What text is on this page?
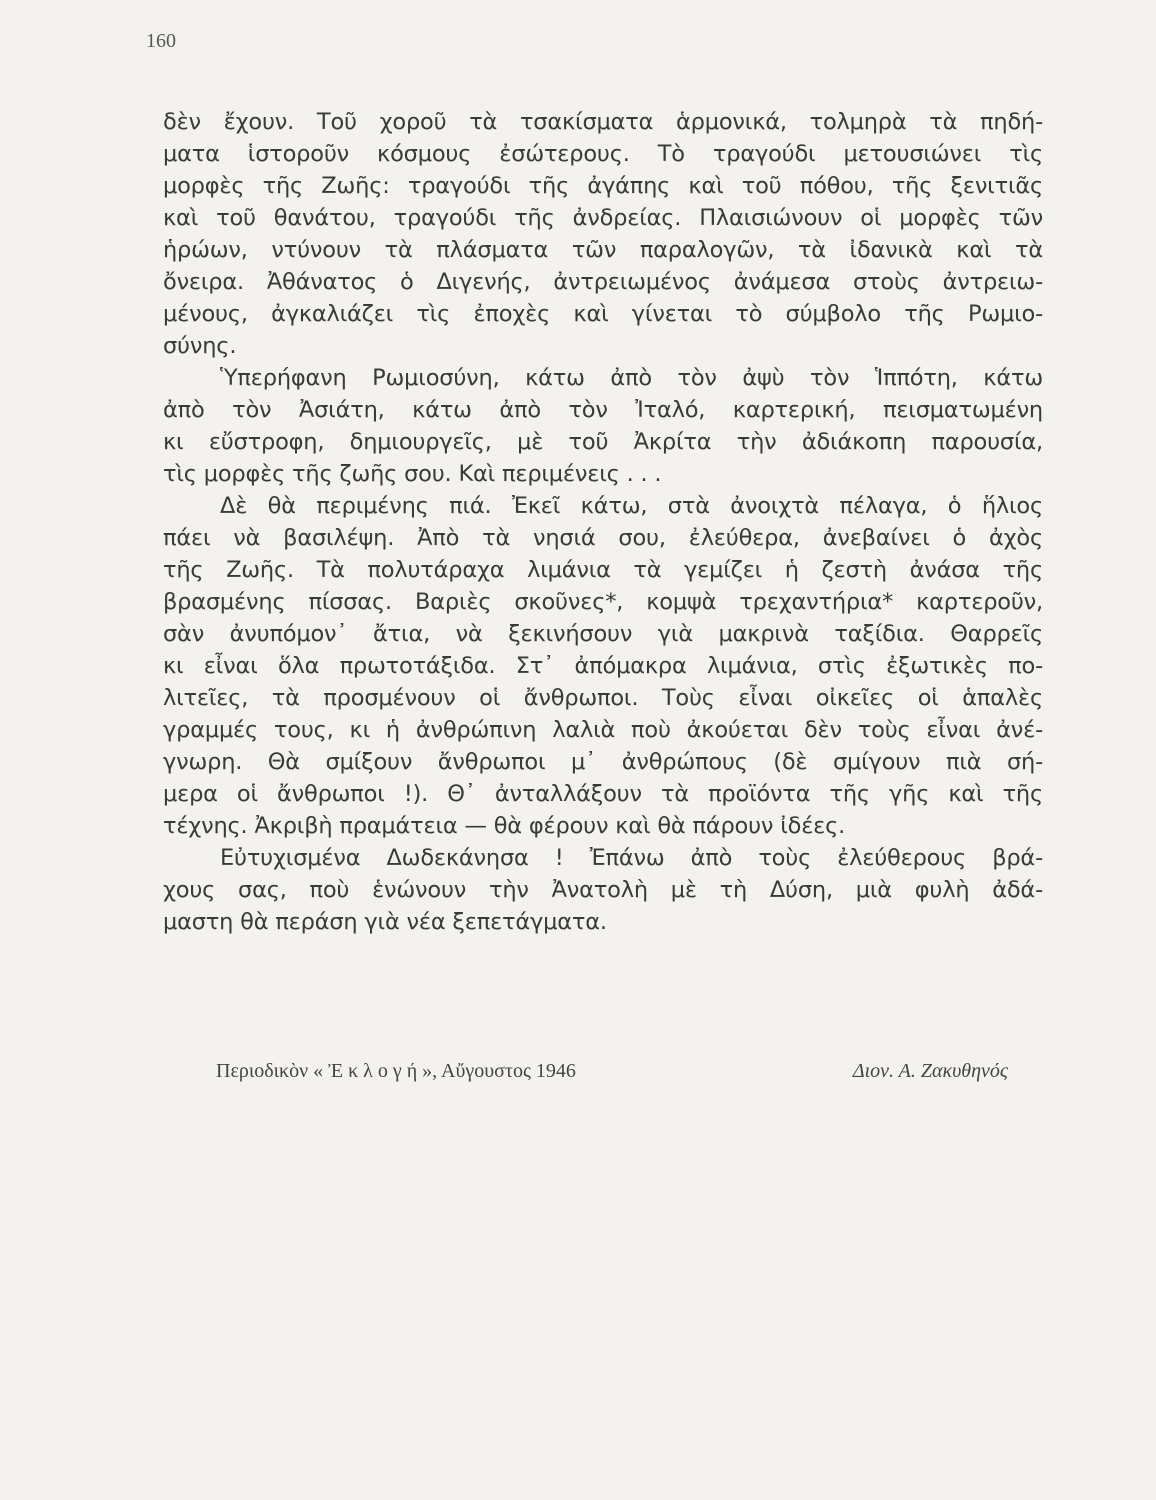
160
δὲν ἔχουν. Τοῦ χοροῦ τὰ τσακίσματα ἁρμονικά, τολμηρὰ τὰ πηδή-
ματα ἱστοροῦν κόσμους ἐσώτερους. Τὸ τραγούδι μετουσιώνει τὶς
μορφὲς τῆς Ζωῆς: τραγούδι τῆς ἀγάπης καὶ τοῦ πόθου, τῆς ξενιτιᾶς
καὶ τοῦ θανάτου, τραγούδι τῆς ἀνδρείας. Πλαισιώνουν οἱ μορφὲς τῶν
ἡρώων, ντύνουν τὰ πλάσματα τῶν παραλογῶν, τὰ ἰδανικὰ καὶ τὰ
ὄνειρα. Ἀθάνατος ὁ Διγενής, ἀντρειωμένος ἀνάμεσα στοὺς ἀντρειω-
μένους, ἀγκαλιάζει τὶς ἐποχὲς καὶ γίνεται τὸ σύμβολο τῆς Ρωμιο-
σύνης.
Ὑπερήφανη Ρωμιοσύνη, κάτω ἀπὸ τὸν ἀψὺ τὸν Ἱππότη, κάτω
ἀπὸ τὸν Ἀσιάτη, κάτω ἀπὸ τὸν Ἰταλό, καρτερική, πεισματωμένη
κι εὔστροφη, δημιουργεῖς, μὲ τοῦ Ἀκρίτα τὴν ἀδιάκοπη παρουσία,
τὶς μορφὲς τῆς ζωῆς σου. Καὶ περιμένεις . . .
Δὲ θὰ περιμένης πιά. Ἐκεῖ κάτω, στὰ ἀνοιχτὰ πέλαγα, ὁ ἥλιος
πάει νὰ βασιλέψη. Ἀπὸ τὰ νησιά σου, ἐλεύθερα, ἀνεβαίνει ὁ ἀχὸς
τῆς Ζωῆς. Τὰ πολυτάραχα λιμάνια τὰ γεμίζει ἡ ζεστὴ ἀνάσα τῆς
βρασμένης πίσσας. Βαριὲς σκοῦνες*, κομψὰ τρεχαντήρια* καρτεροῦν,
σὰν ἀνυπόμον᾽ ἄτια, νὰ ξεκινήσουν γιὰ μακρινὰ ταξίδια. Θαρρεῖς
κι εἶναι ὅλα πρωτοτάξιδα. Στ᾽ ἀπόμακρα λιμάνια, στὶς ἐξωτικὲς πο-
λιτεῖες, τὰ προσμένουν οἱ ἄνθρωποι. Τοὺς εἶναι οἰκεῖες οἱ ἁπαλὲς
γραμμές τους, κι ἡ ἀνθρώπινη λαλιὰ ποὺ ἀκούεται δὲν τοὺς εἶναι ἀνέ-
γνωρη. Θὰ σμίξουν ἄνθρωποι μ᾽ ἀνθρώπους (δὲ σμίγουν πιὰ σή-
μερα οἱ ἄνθρωποι !). Θ᾽ ἀνταλλάξουν τὰ προϊόντα τῆς γῆς καὶ τῆς
τέχνης. Ἀκριβὴ πραμάτεια — θὰ φέρουν καὶ θὰ πάρουν ἰδέες.
Εὐτυχισμένα Δωδεκάνησα ! Ἐπάνω ἀπὸ τοὺς ἐλεύθερους βρά-
χους σας, ποὺ ἑνώνουν τὴν Ἀνατολὴ μὲ τὴ Δύση, μιὰ φυλὴ ἀδά-
μαστη θὰ περάση γιὰ νέα ξεπετάγματα.
Περιοδικὸν « Ἐ κ λ ο γ ή », Αὔγουστος 1946	Διον. Α. Ζακυθηνός
